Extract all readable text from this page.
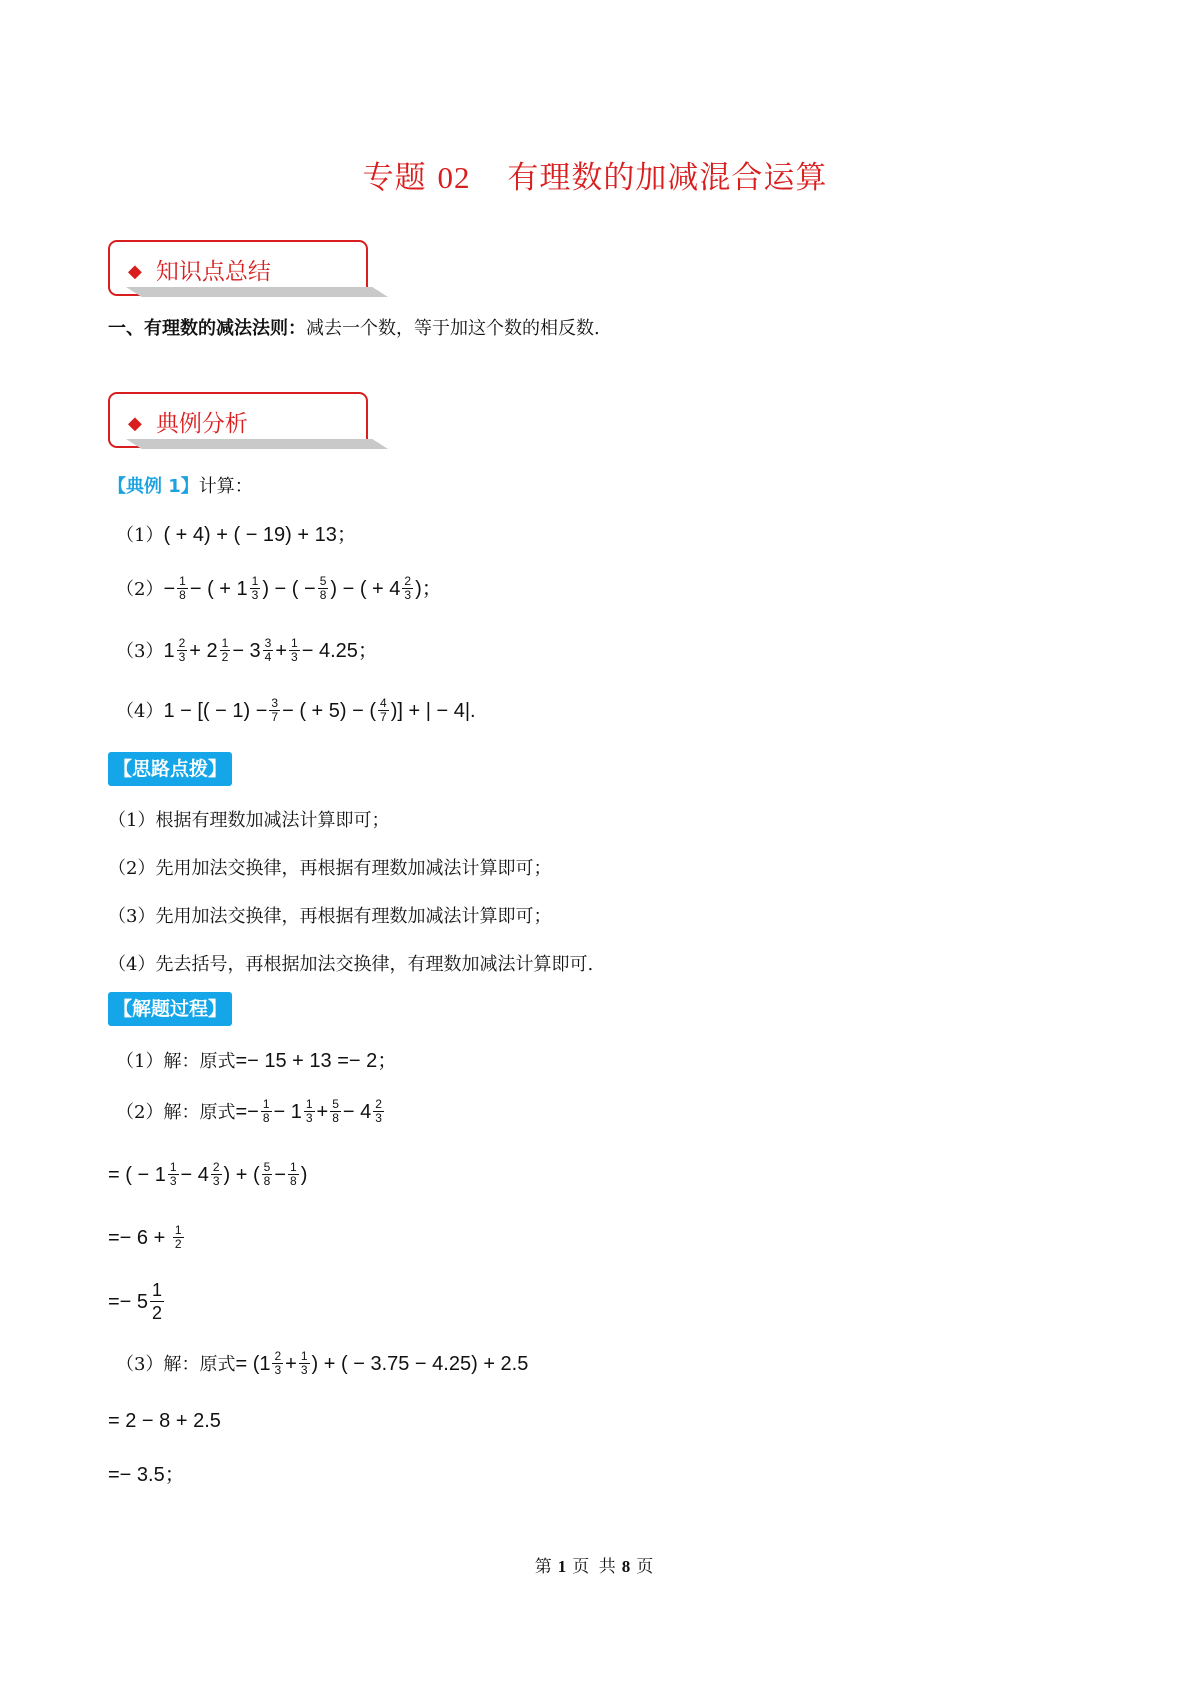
专题 02 有理数的加减混合运算
◆ 知识点总结
一、有理数的减法法则：减去一个数，等于加这个数的相反数.
◆ 典例分析
【典例 1】计算：
（1）( + 4) + ( − 19) + 13；
$(2)- \frac{1}{8}$ − ( + $1 \frac{1}{3}$ ) − ( − $\frac{5}{8}$ ) − ( + $4 \frac{2}{3}$ )；
$(3)1 \frac{2}{3} + 2 \frac{1}{2} - 3 \frac{3}{4} + \frac{1}{3} - 4.25$；
（4）1 − [( − $1) - \frac{3}{7}$ − ( + 5) − ( $\frac{4}{7}$ )] + | − 4|.
【思路点拨】
（1）根据有理数加减法计算即可；
（2）先用加法交换律，再根据有理数加减法计算即可；
（3）先用加法交换律，再根据有理数加减法计算即可；
（4）先去括号，再根据加法交换律，有理数加减法计算即可.
【解题过程】
（1）解：原式=− 15 + 13 =− 2；
（2）解：原式=− $\frac{1}{8} - 1 \frac{1}{3} + \frac{5}{8} - 4 \frac{2}{3}$
= ( − $1 \frac{1}{3} - 4 \frac{2}{3}$ ) + ( $\frac{5}{8} - \frac{1}{8}$ )
=− $6 + \frac{1}{2}$
=− $5 \frac{1}{2}$
（3）解：原式= ($1 \frac{2}{3} + \frac{1}{3}$ ) + ( − 3.75 − 4.25) + 2.5
= 2 − 8 + 2.5
=− 3.5；
第 1 页 共 8 页
